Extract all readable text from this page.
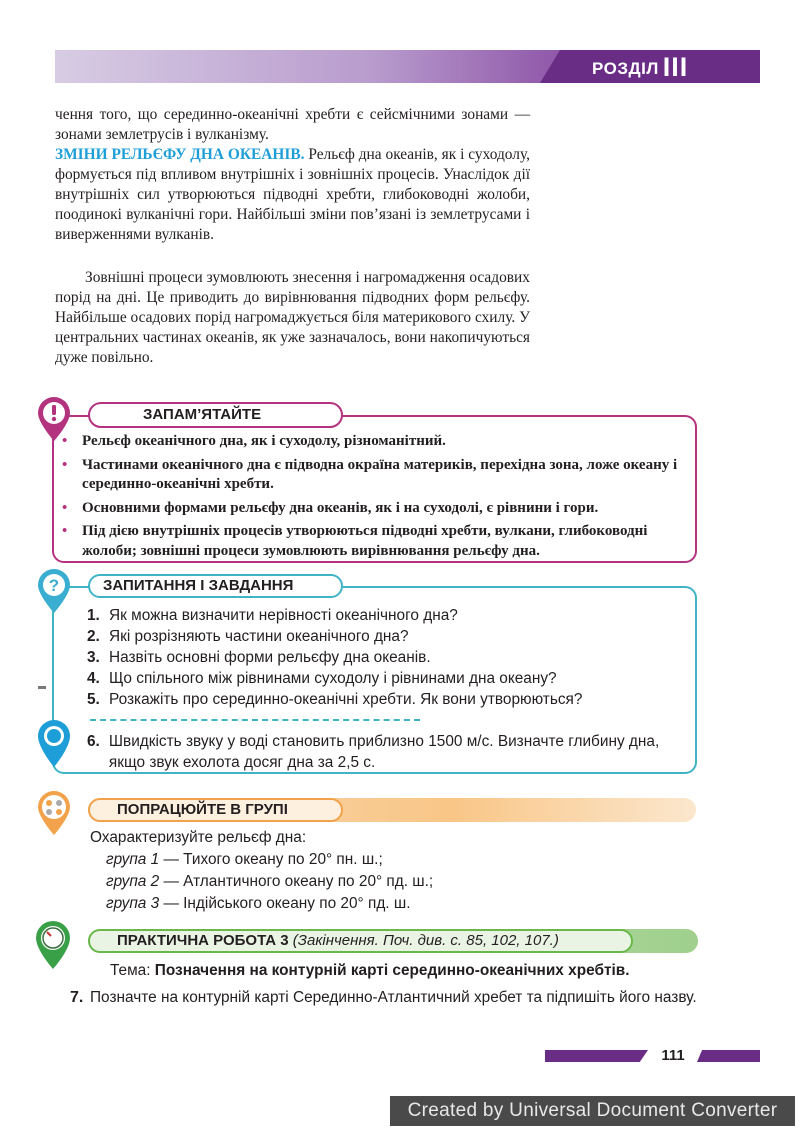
РОЗДІЛ III

чення того, що серединно-океанічні хребти є сейсмічними зонами — зонами землетрусів і вулканізму.

ЗМІНИ РЕЛЬЄФУ ДНА ОКЕАНІВ. Рельєф дна океанів, як і суходолу, формується під впливом внутрішніх і зовнішніх процесів. Унаслідок дії внутрішніх сил утворюються підводні хребти, глибоководні жолоби, поодинокі вулканічні гори. Найбільші зміни пов’язані із землетрусами і виверженнями вулканів.

Зовнішні процеси зумовлюють знесення і нагромадження осадових порід на дні. Це приводить до вирівнювання підводних форм рельєфу. Найбільше осадових порід нагромаджується біля материкового схилу. У центральних частинах океанів, як уже зазначалось, вони накопичуються дуже повільно.

ЗАПАМ’ЯТАЙТЕ
• Рельєф океанічного дна, як і суходолу, різноманітний.
• Частинами океанічного дна є підводна окраїна материків, перехідна зона, ложе океану і серединно-океанічні хребти.
• Основними формами рельєфу дна океанів, як і на суходолі, є рівнини і гори.
• Під дією внутрішніх процесів утворюються підводні хребти, вулкани, глибоководні жолоби; зовнішні процеси зумовлюють вирівнювання рельєфу дна.
?	ЗАПИТАННЯ І ЗАВДАННЯ
1. Як можна визначити нерівності океанічного дна?
2. Які розрізняють частини океанічного дна?
3. Назвіть основні форми рельєфу дна океанів.
4. Що спільного між рівнинами суходолу і рівнинами дна океану?
5. Розкажіть про серединно-океанічні хребти. Як вони утворюються?
6. Швидкість звуку у воді становить приблизно 1500 м/с. Визначте глибину дна, якщо звук ехолота досяг дна за 2,5 с.
ПОПРАЦЮЙТЕ В ГРУПІ
Охарактеризуйте рельєф дна:
група 1 — Тихого океану по 20° пн. ш.;
група 2 — Атлантичного океану по 20° пд. ш.;
група 3 — Індійського океану по 20° пд. ш.
ПРАКТИЧНА РОБОТА 3 (Закінчення. Поч. див. с. 85, 102, 107.)
Тема: Позначення на контурній карті серединно-океанічних хребтів.
7. Позначте на контурній карті Серединно-Атлантичний хребет та підпишіть його назву.
111
Created by Universal Document Converter
